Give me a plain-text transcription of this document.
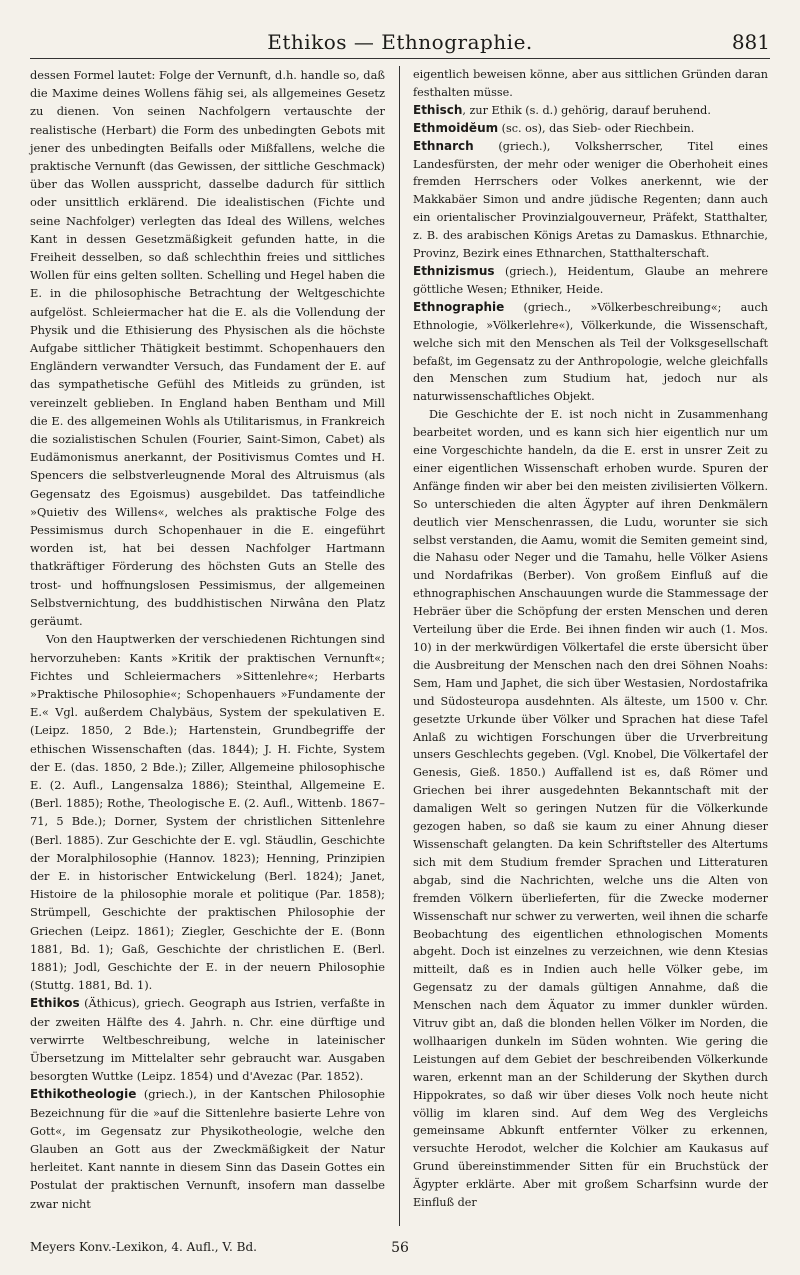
Ethikos — Ethnographie.	881

dessen Formel lautet: Folge der Vernunft, d.h. handle so, daß die Maxime deines Wollens fähig sei, als allgemeines Gesetz zu dienen. Von seinen Nachfolgern vertauschte der realistische (Herbart) die Form des unbedingten Gebots mit jener des unbedingten Beifalls oder Mißfallens, welche die praktische Vernunft (das Gewissen, der sittliche Geschmack) über das Wollen ausspricht, dasselbe dadurch für sittlich oder unsittlich erklärend. Die idealistischen (Fichte und seine Nachfolger) verlegten das Ideal des Willens, welches Kant in dessen Gesetzmäßigkeit gefunden hatte, in die Freiheit desselben, so daß schlechthin freies und sittliches Wollen für eins gelten sollten. Schelling und Hegel haben die E. in die philosophische Betrachtung der Weltgeschichte aufgelöst. Schleiermacher hat die E. als die Vollendung der Physik und die Ethisierung des Physischen als die höchste Aufgabe sittlicher Thätigkeit bestimmt. Schopenhauers den Engländern verwandter Versuch, das Fundament der E. auf das sympathetische Gefühl des Mitleids zu gründen, ist vereinzelt geblieben. In England haben Bentham und Mill die E. des allgemeinen Wohls als Utilitarismus, in Frankreich die sozialistischen Schulen (Fourier, Saint-Simon, Cabet) als Eudämonismus anerkannt, der Positivismus Comtes und H. Spencers die selbstverleugnende Moral des Altruismus (als Gegensatz des Egoismus) ausgebildet. Das tatfeindliche »Quietiv des Willens«, welches als praktische Folge des Pessimismus durch Schopenhauer in die E. eingeführt worden ist, hat bei dessen Nachfolger Hartmann thatkräftiger Förderung des höchsten Guts an Stelle des trost- und hoffnungslosen Pessimismus, der allgemeinen Selbstvernichtung, des buddhistischen Nirwâna den Platz geräumt.

Von den Hauptwerken der verschiedenen Richtungen sind hervorzuheben: Kants »Kritik der praktischen Vernunft«; Fichtes und Schleiermachers »Sittenlehre«; Herbarts »Praktische Philosophie«; Schopenhauers »Fundamente der E.« Vgl. außerdem Chalybäus, System der spekulativen E. (Leipz. 1850, 2 Bde.); Hartenstein, Grundbegriffe der ethischen Wissenschaften (das. 1844); J. H. Fichte, System der E. (das. 1850, 2 Bde.); Ziller, Allgemeine philosophische E. (2. Aufl., Langensalza 1886); Steinthal, Allgemeine E. (Berl. 1885); Rothe, Theologische E. (2. Aufl., Wittenb. 1867–71, 5 Bde.); Dorner, System der christlichen Sittenlehre (Berl. 1885). Zur Geschichte der E. vgl. Stäudlin, Geschichte der Moralphilosophie (Hannov. 1823); Henning, Prinzipien der E. in historischer Entwickelung (Berl. 1824); Janet, Histoire de la philosophie morale et politique (Par. 1858); Strümpell, Geschichte der praktischen Philosophie der Griechen (Leipz. 1861); Ziegler, Geschichte der E. (Bonn 1881, Bd. 1); Gaß, Geschichte der christlichen E. (Berl. 1881); Jodl, Geschichte der E. in der neuern Philosophie (Stuttg. 1881, Bd. 1).

Ethikos (Äthicus), griech. Geograph aus Istrien, verfaßte in der zweiten Hälfte des 4. Jahrh. n. Chr. eine dürftige und verwirrte Weltbeschreibung, welche in lateinischer Übersetzung im Mittelalter sehr gebraucht war. Ausgaben besorgten Wuttke (Leipz. 1854) und d'Avezac (Par. 1852).

Ethikotheologie (griech.), in der Kantschen Philosophie Bezeichnung für die »auf die Sittenlehre basierte Lehre von Gott«, im Gegensatz zur Physikotheologie, welche den Glauben an Gott aus der Zweckmäßigkeit der Natur herleitet. Kant nannte in diesem Sinn das Dasein Gottes ein Postulat der praktischen Vernunft, insofern man dasselbe zwar nicht

eigentlich beweisen könne, aber aus sittlichen Gründen daran festhalten müsse.

Ethisch, zur Ethik (s. d.) gehörig, darauf beruhend.

Ethmoidĕum (sc. os), das Sieb- oder Riechbein.

Ethnarch (griech.), Volksherrscher, Titel eines Landesfürsten, der mehr oder weniger die Oberhoheit eines fremden Herrschers oder Volkes anerkennt, wie der Makkabäer Simon und andre jüdische Regenten; dann auch ein orientalischer Provinzialgouverneur, Präfekt, Statthalter, z. B. des arabischen Königs Aretas zu Damaskus. Ethnarchie, Provinz, Bezirk eines Ethnarchen, Statthalterschaft.

Ethnizismus (griech.), Heidentum, Glaube an mehrere göttliche Wesen; Ethniker, Heide.

Ethnographie (griech., »Völkerbeschreibung«; auch Ethnologie, »Völkerlehre«), Völkerkunde, die Wissenschaft, welche sich mit den Menschen als Teil der Volksgesellschaft befaßt, im Gegensatz zu der Anthropologie, welche gleichfalls den Menschen zum Studium hat, jedoch nur als naturwissenschaftliches Objekt.

Die Geschichte der E. ist noch nicht in Zusammenhang bearbeitet worden, und es kann sich hier eigentlich nur um eine Vorgeschichte handeln, da die E. erst in unsrer Zeit zu einer eigentlichen Wissenschaft erhoben wurde. Spuren der Anfänge finden wir aber bei den meisten zivilisierten Völkern. So unterschieden die alten Ägypter auf ihren Denkmälern deutlich vier Menschenrassen, die Ludu, worunter sie sich selbst verstanden, die Aamu, womit die Semiten gemeint sind, die Nahasu oder Neger und die Tamahu, helle Völker Asiens und Nordafrikas (Berber). Von großem Einfluß auf die ethnographischen Anschauungen wurde die Stammessage der Hebräer über die Schöpfung der ersten Menschen und deren Verteilung über die Erde. Bei ihnen finden wir auch (1. Mos. 10) in der merkwürdigen Völkertafel die erste übersicht über die Ausbreitung der Menschen nach den drei Söhnen Noahs: Sem, Ham und Japhet, die sich über Westasien, Nordostafrika und Südosteuropa ausdehnten. Als älteste, um 1500 v. Chr. gesetzte Urkunde über Völker und Sprachen hat diese Tafel Anlaß zu wichtigen Forschungen über die Urverbreitung unsers Geschlechts gegeben. (Vgl. Knobel, Die Völkertafel der Genesis, Gieß. 1850.) Auffallend ist es, daß Römer und Griechen bei ihrer ausgedehnten Bekanntschaft mit der damaligen Welt so geringen Nutzen für die Völkerkunde gezogen haben, so daß sie kaum zu einer Ahnung dieser Wissenschaft gelangten. Da kein Schriftsteller des Altertums sich mit dem Studium fremder Sprachen und Litteraturen abgab, sind die Nachrichten, welche uns die Alten von fremden Völkern überlieferten, für die Zwecke moderner Wissenschaft nur schwer zu verwerten, weil ihnen die scharfe Beobachtung des eigentlichen ethnologischen Moments abgeht. Doch ist einzelnes zu verzeichnen, wie denn Ktesias mitteilt, daß es in Indien auch helle Völker gebe, im Gegensatz zu der damals gültigen Annahme, daß die Menschen nach dem Äquator zu immer dunkler würden. Vitruv gibt an, daß die blonden hellen Völker im Norden, die wollhaarigen dunkeln im Süden wohnten. Wie gering die Leistungen auf dem Gebiet der beschreibenden Völkerkunde waren, erkennt man an der Schilderung der Skythen durch Hippokrates, so daß wir über dieses Volk noch heute nicht völlig im klaren sind. Auf dem Weg des Vergleichs gemeinsame Abkunft entfernter Völker zu erkennen, versuchte Herodot, welcher die Kolchier am Kaukasus auf Grund übereinstimmender Sitten für ein Bruchstück der Ägypter erklärte. Aber mit großem Scharfsinn wurde der Einfluß der

Meyers Konv.-Lexikon, 4. Aufl., V. Bd.	56
